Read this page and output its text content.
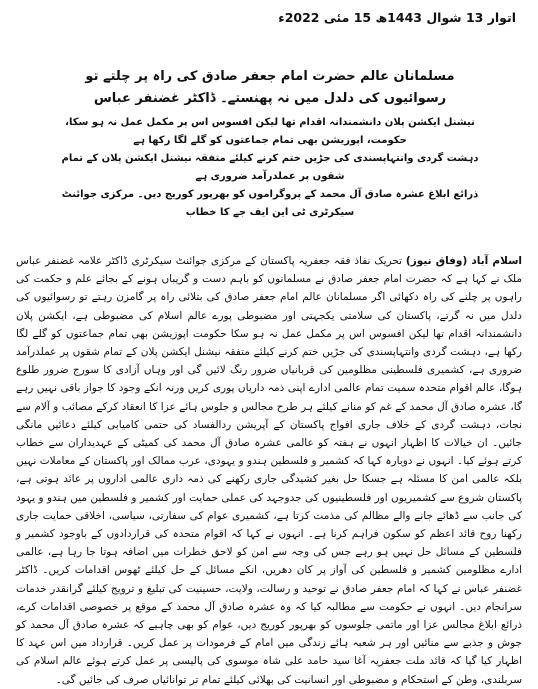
اتوار 13 شوال 1443ھ 15 مئی 2022ء

مسلمانان عالم حضرت امام جعفر صادق کی راہ پر چلتے تو رسوائیوں کی دلدل میں نہ پھنستے۔ ڈاکٹر غضنفر عباس

نیشنل ایکشن پلان دانشمندانہ اقدام تھا لیکن افسوس اس پر مکمل عمل نہ ہو سکا، حکومت، اپوزیشن بھی تمام جماعتوں کو گلے لگا رکھا ہے

دہشت گردی وانتہاپسندی کی جڑیں ختم کرنے کیلئے متفقہ نیشنل ایکشن پلان کے تمام شقوں پر عملدرآمد ضروری ہے

ذرائع ابلاغ عشرہ صادق آل محمد کے پروگراموں کو بھرپور کوریج دیں۔ مرکزی جوائنٹ سیکرٹری ٹی این ایف جے کا خطاب

اسلام آباد (وفاق نیوز) تحریک نفاذ فقہ جعفریہ پاکستان کے مرکزی جوائنٹ سیکرٹری ڈاکٹر علامہ غضنفر عباس ملک نے کہا ہے کہ حضرت امام جعفر صادق نے مسلمانوں کو باہم دست و گریباں ہونے کے بجائے علم و حکمت کی راہوں پر چلنے کی راہ دکھائی اگر مسلمانان عالم امام جعفر صادق کی بتلائی راہ پر گامزن رہتے تو رسوائیوں کی دلدل میں نہ گرتے، پاکستان کی سلامتی یکجہتی اور مضبوطی پورے عالم اسلام کی مضبوطی ہے، ایکشن پلان دانشمندانہ اقدام تھا لیکن افسوس اس پر مکمل عمل نہ ہو سکا حکومت اپوزیشن بھی تمام جماعتوں کو گلے لگا رکھا ہے، دہشت گردی وانتہاپسندی کی جڑیں ختم کرنے کیلئے متفقہ نیشنل ایکشن پلان کے تمام شقوں پر عملدرآمد ضروری ہے، کشمیری فلسطینی مظلومین کی قربانیاں ضرور رنگ لائیں گی اور وہاں آزادی کا سورج ضرور طلوع ہوگا، عالم اقوام متحدہ سمیت تمام عالمی ادارے اپنی ذمہ داریاں پوری کریں ورنہ انکے وجود کا جواز باقی نہیں رہے گا، عشرہ صادق آل محمد کے غم کو منانے کیلئے ہر طرح مجالس و جلوس ہائے عزا کا انعقاد کرکے مصائب و آلام سے نجات، دہشت گردی کے خلاف جاری افواج پاکستان کے آپریشن ردالفساد کی حتمی کامیابی کیلئے دعائیں مانگی جائیں۔ ان خیالات کا اظہار انہوں نے ہفتہ کو عالمی عشرہ صادق آل محمد کی کمیٹی کے عہدیداران سے خطاب کرتے ہوئے کیا۔ انہوں نے دوبارہ کہا کہ کشمیر و فلسطین ہندو و یہودی، عرب ممالک اور پاکستان کے معاملات نہیں بلکہ عالمی امن کا مسئلہ ہے جسکا حل بغیر کشیدگی جاری رکھنے کی ذمہ داری عالمی اداروں پر عائد ہوتی ہے، پاکستان شروع سے کشمیریوں اور فلسطینیوں کی جدوجہد کی عملی حمایت اور کشمیر و فلسطین میں ہندو و یہود کی جانب سے ڈھائے جانے والے مظالم کی مذمت کرتا ہے، کشمیری عوام کی سفارتی، سیاسی، اخلاقی حمایت جاری رکھنا روح قائد اعظم کو سکون فراہم کرنا ہے۔ انہوں نے کہا کہ اقوام متحدہ کی قراردادوں کے باوجود کشمیر و فلسطین کے مسائل حل نہیں ہو رہے جس کی وجہ سے امن کو لاحق خطرات میں اضافہ ہوتا جا رہا ہے، عالمی ادارے مظلومین کشمیر و فلسطین کی آواز پر کان دھریں، انکے مسائل کے حل کیلئے ٹھوس اقدامات کریں۔ ڈاکٹر غضنفر عباس نے کہا کہ امام جعفر صادق نے توحید و رسالت، ولایت، حسینیت کی تبلیغ و ترویج کیلئے گرانقدر خدمات سرانجام دیں۔ انہوں نے حکومت سے مطالبہ کیا کہ وہ عشرہ صادق آل محمد کے موقع پر خصوصی اقدامات کرے، ذرائع ابلاغ مجالس عزا اور ماتمی جلوسوں کو بھرپور کوریج دیں، عوام کو بھی چاہیے کہ عشرہ صادق آل محمد کو جوش و جذبے سے منائیں اور ہر شعبہ ہائے زندگی میں امام کے فرمودات پر عمل کریں۔ قرارداد میں اس عہد کا اظہار کیا گیا کہ قائد ملت جعفریہ آغا سید حامد علی شاہ موسوی کی پالیسی پر عمل کرتے ہوئے عالم اسلام کی سربلندی، وطن کے استحکام و مضبوطی اور انسانیت کی بھلائی کیلئے تمام تر توانائیاں صرف کی جائیں گی۔
